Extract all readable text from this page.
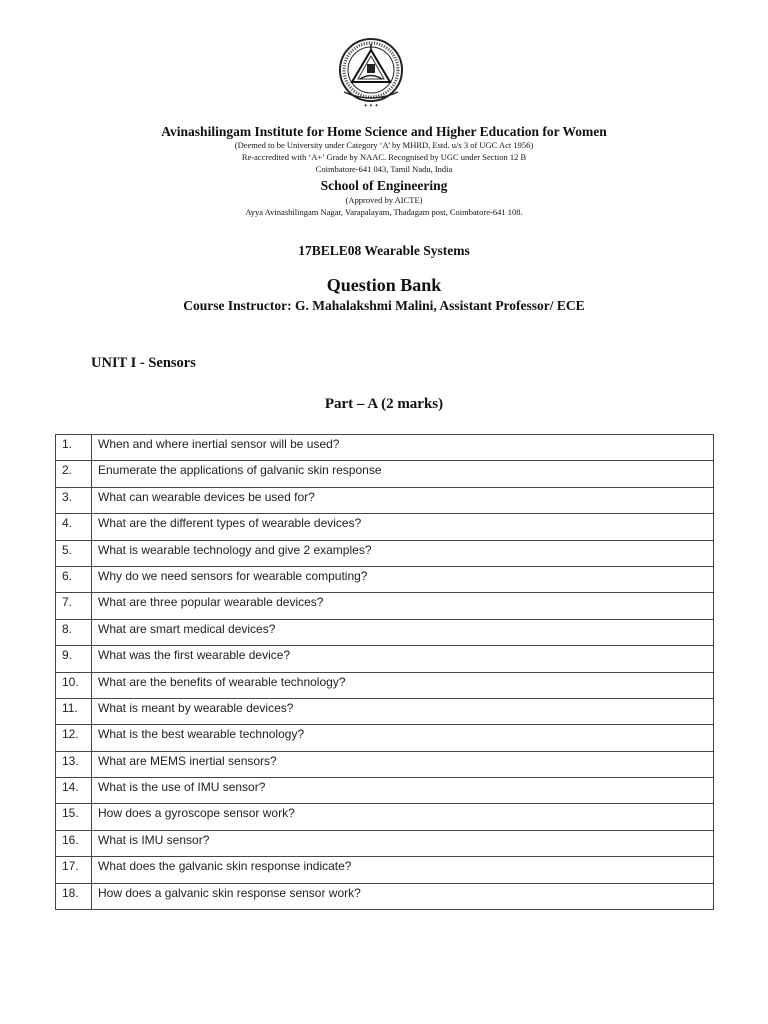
✦ ✦ ✦
Avinashilingam Institute for Home Science and Higher Education for Women
(Deemed to be University under Category ‘A’ by MHRD, Estd. u/s 3 of UGC Act 1956)
Re-accredited with ‘A+’ Grade by NAAC. Recognised by UGC under Section 12 B
Coimbatore-641 043, Tamil Nadu, India
School of Engineering
(Approved by AICTE)
Ayya Avinashilingam Nagar, Varapalayam, Thadagam post, Coimbatore-641 108.
17BELE08 Wearable Systems
Question Bank
Course Instructor: G. Mahalakshmi Malini, Assistant Professor/ ECE
UNIT I - Sensors
Part – A (2 marks)
1.	When and where inertial sensor will be used?
2.	Enumerate the applications of galvanic skin response
3.	What can wearable devices be used for?
4.	What are the different types of wearable devices?
5.	What is wearable technology and give 2 examples?
6.	Why do we need sensors for wearable computing?
7.	What are three popular wearable devices?
8.	What are smart medical devices?
9.	What was the first wearable device?
10.	What are the benefits of wearable technology?
11.	What is meant by wearable devices?
12.	What is the best wearable technology?
13.	What are MEMS inertial sensors?
14.	What is the use of IMU sensor?
15.	How does a gyroscope sensor work?
16.	What is IMU sensor?
17.	What does the galvanic skin response indicate?
18.	How does a galvanic skin response sensor work?
